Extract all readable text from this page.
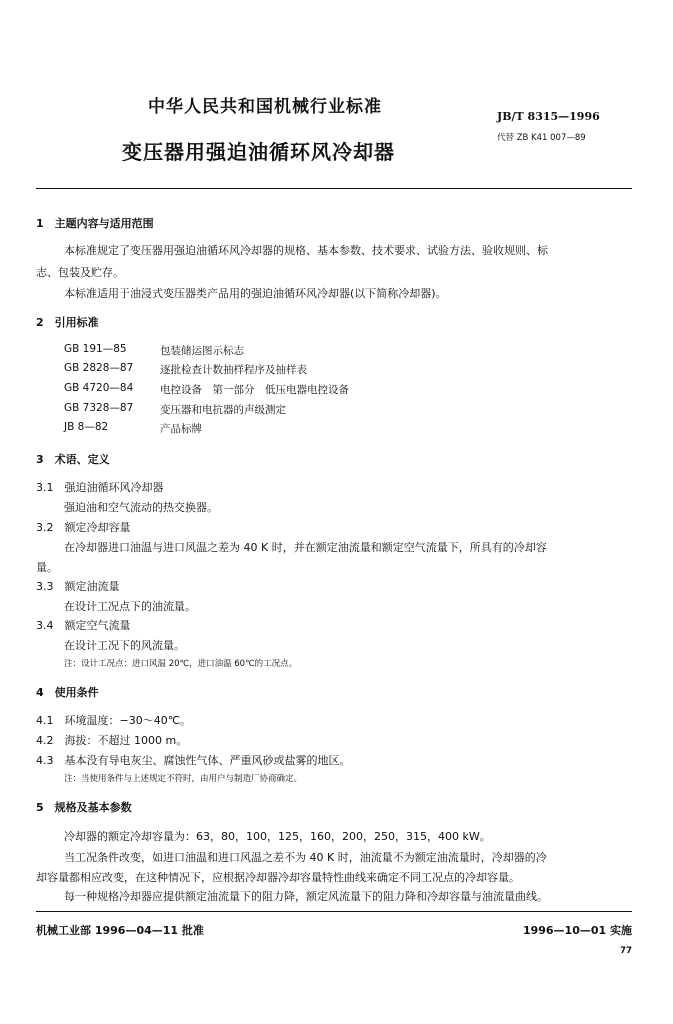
中华人民共和国机械行业标准
变压器用强迫油循环风冷却器
JB/T 8315—1996
代替 ZB K41 007—89
1　主题内容与适用范围
本标准规定了变压器用强迫油循环风冷却器的规格、基本参数、技术要求、试验方法、验收规则、标
志、包装及贮存。
本标准适用于油浸式变压器类产品用的强迫油循环风冷却器(以下简称冷却器)。
2　引用标准
GB 191—85	包装储运图示标志
GB 2828—87	逐批检查计数抽样程序及抽样表
GB 4720—84	电控设备　第一部分　低压电器电控设备
GB 7328—87	变压器和电抗器的声级测定
JB 8—82	产品标牌
3　术语、定义
3.1　强迫油循环风冷却器
强迫油和空气流动的热交换器。
3.2　额定冷却容量
在冷却器进口油温与进口风温之差为 40 K 时，并在额定油流量和额定空气流量下，所具有的冷却容
量。
3.3　额定油流量
在设计工况点下的油流量。
3.4　额定空气流量
在设计工况下的风流量。
注：设计工况点：进口风温 20℃，进口油温 60℃的工况点。
4　使用条件
4.1　环境温度：−30～40℃。
4.2　海拔：不超过 1000 m。
4.3　基本没有导电灰尘、腐蚀性气体、严重风砂或盐雾的地区。
注：当使用条件与上述规定不符时，由用户与制造厂协商确定。
5　规格及基本参数
冷却器的额定冷却容量为：63，80，100，125，160，200，250，315，400 kW。
当工况条件改变，如进口油温和进口风温之差不为 40 K 时，油流量不为额定油流量时，冷却器的冷
却容量都相应改变，在这种情况下，应根据冷却器冷却容量特性曲线来确定不同工况点的冷却容量。
每一种规格冷却器应提供额定油流量下的阻力降，额定风流量下的阻力降和冷却容量与油流量曲线。
机械工业部 1996—04—11 批准	1996—10—01 实施
77
